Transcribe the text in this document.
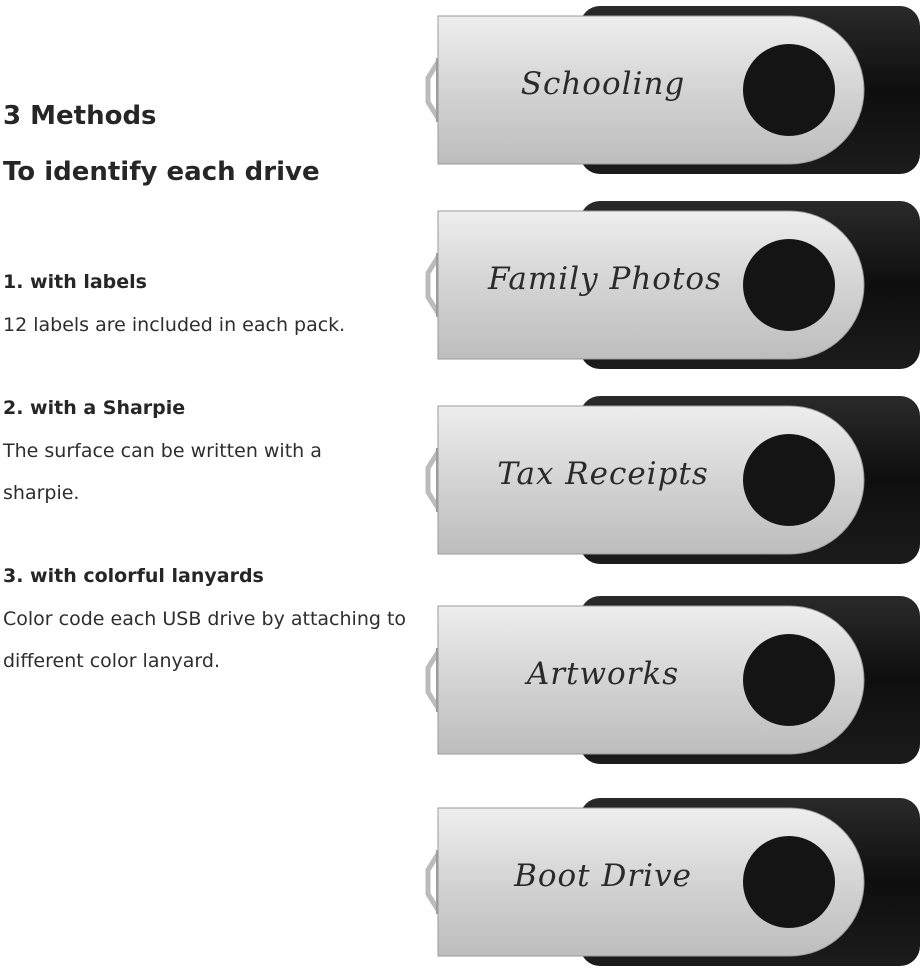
3 Methods
To identify each drive
1. with labels

12 labels are included in each pack.

2. with a Sharpie

The surface can be written with a sharpie.

3. with colorful lanyards

Color code each USB drive by attaching to different color lanyard.

Schooling
Family Photos
Tax Receipts
Artworks
Boot Drive
